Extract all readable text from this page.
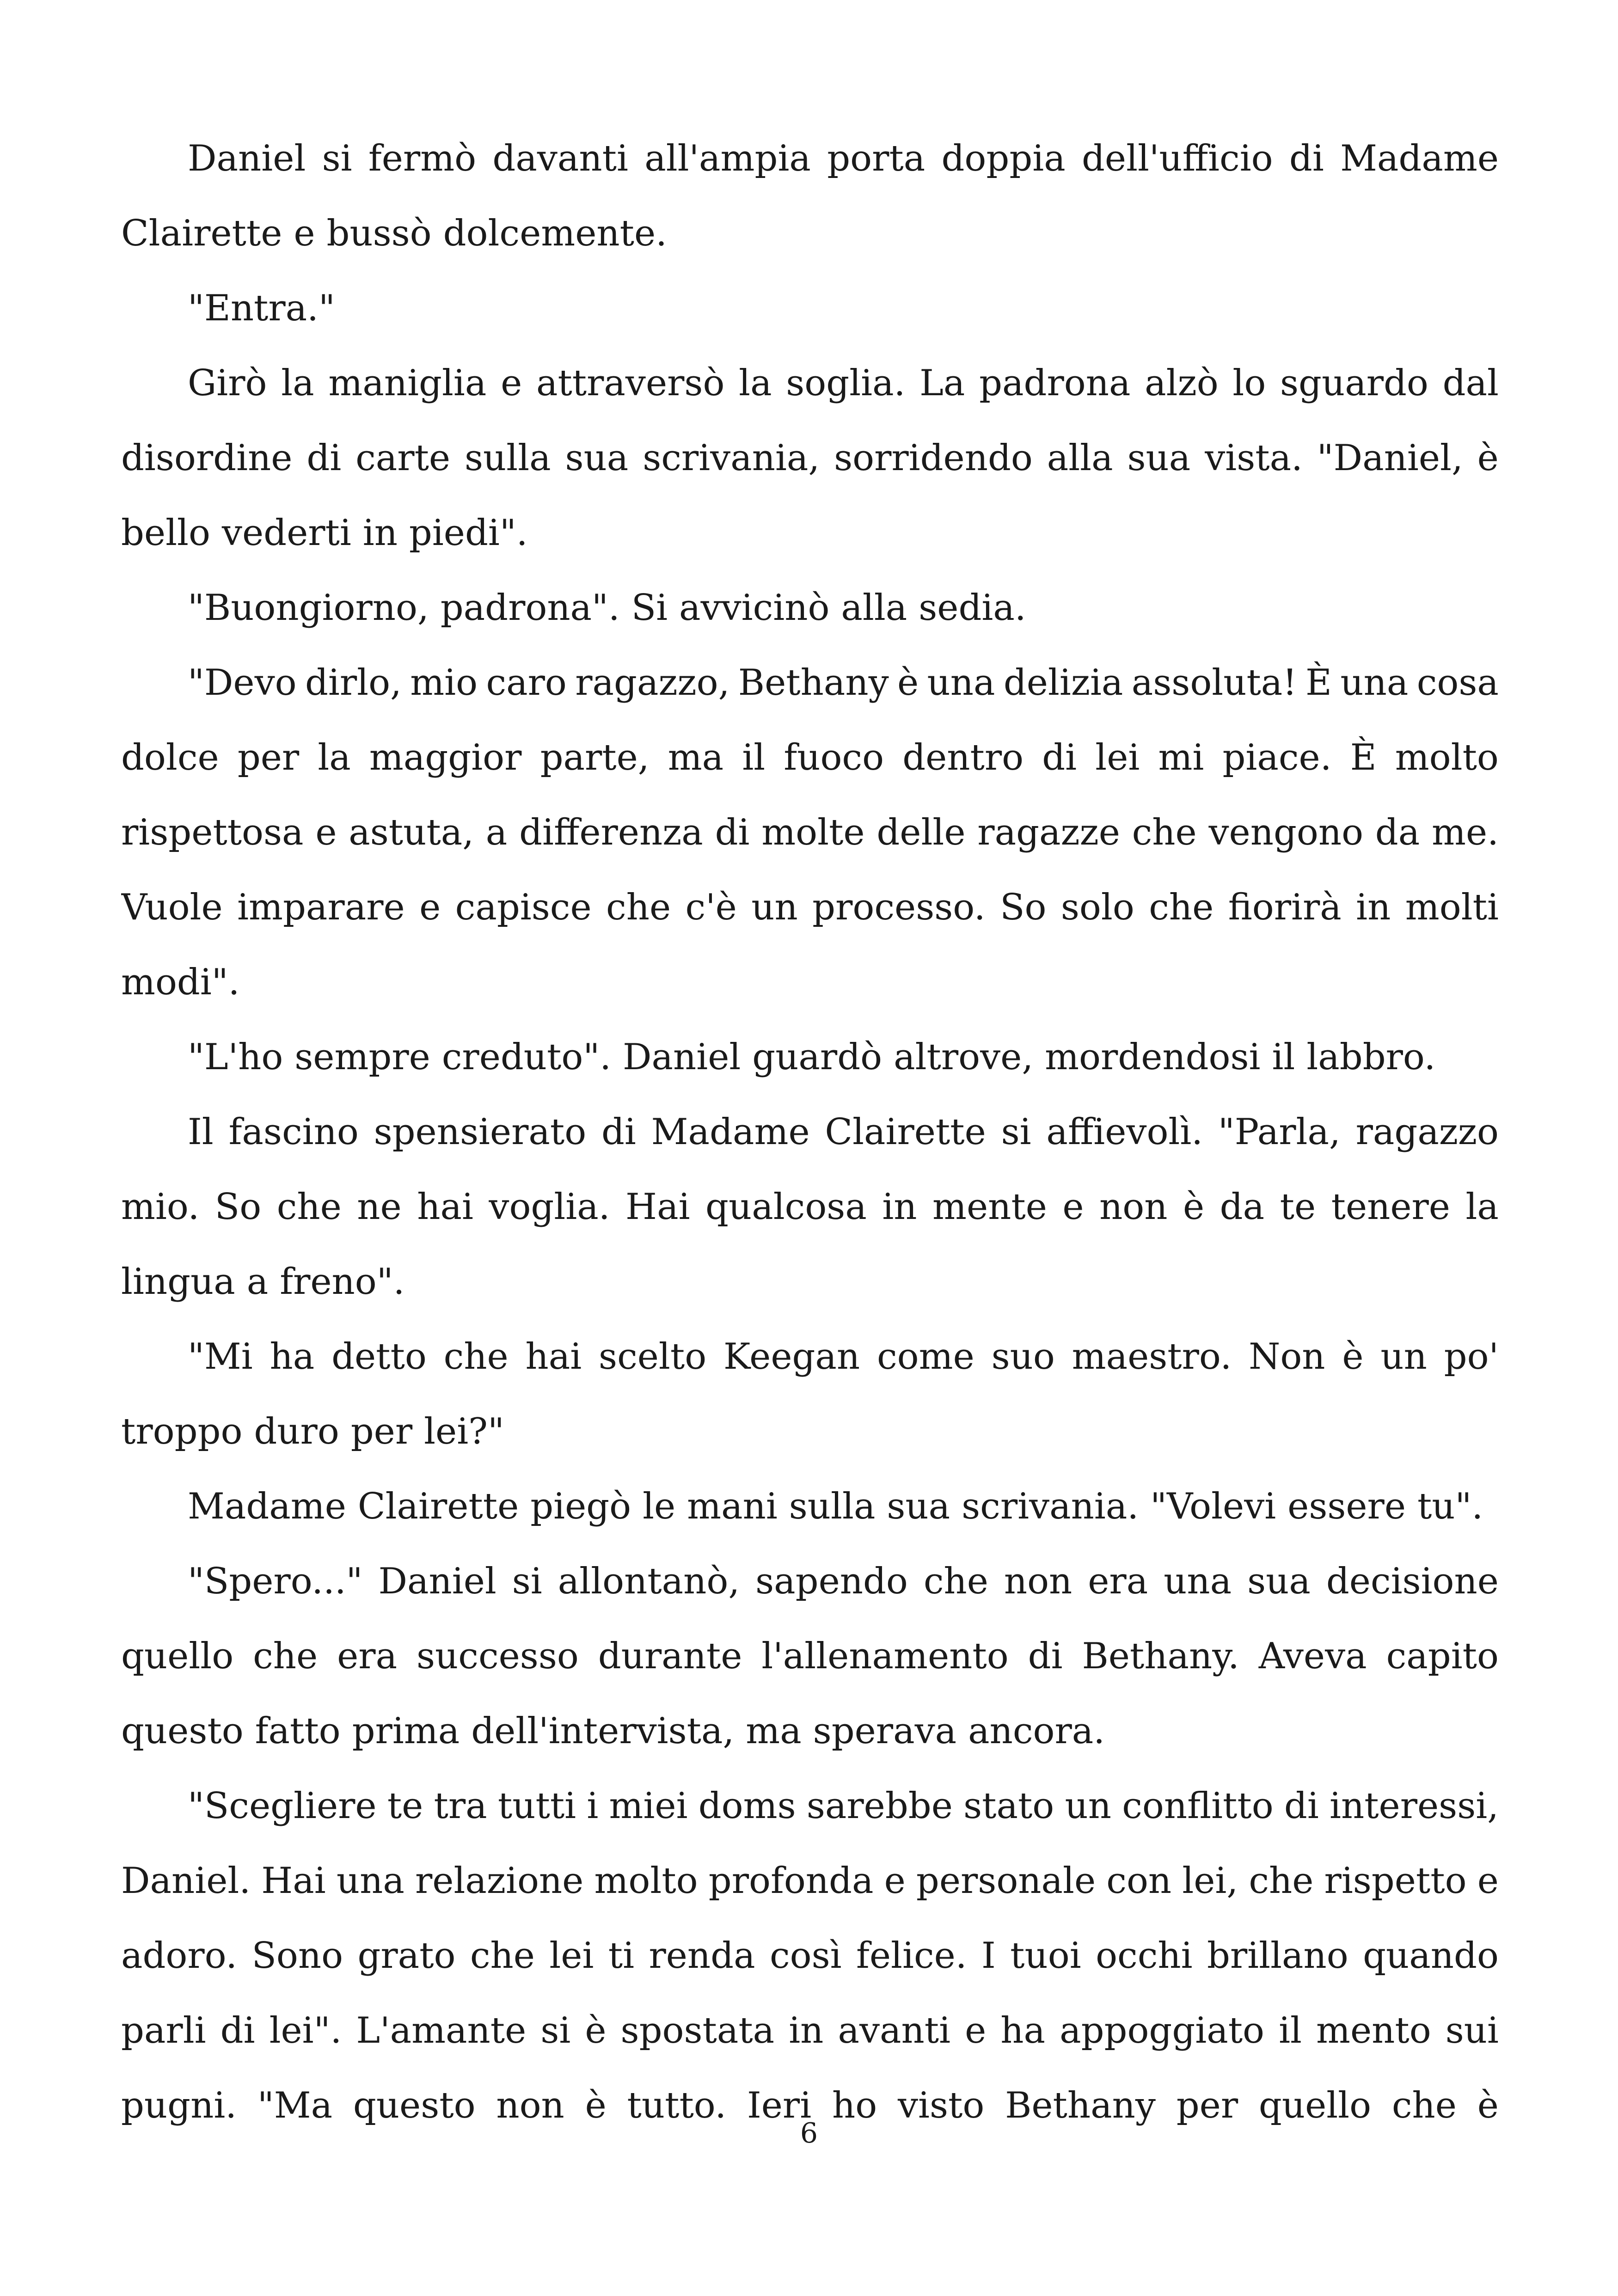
Daniel si fermò davanti all'ampia porta doppia dell'ufficio di Madame
Clairette e bussò dolcemente.
"Entra."
Girò la maniglia e attraversò la soglia. La padrona alzò lo sguardo dal
disordine di carte sulla sua scrivania, sorridendo alla sua vista. "Daniel, è
bello vederti in piedi".
"Buongiorno, padrona". Si avvicinò alla sedia.
"Devo dirlo, mio caro ragazzo, Bethany è una delizia assoluta! È una cosa
dolce per la maggior parte, ma il fuoco dentro di lei mi piace. È molto
rispettosa e astuta, a differenza di molte delle ragazze che vengono da me.
Vuole imparare e capisce che c'è un processo. So solo che fiorirà in molti
modi".
"L'ho sempre creduto". Daniel guardò altrove, mordendosi il labbro.
Il fascino spensierato di Madame Clairette si affievolì. "Parla, ragazzo
mio. So che ne hai voglia. Hai qualcosa in mente e non è da te tenere la
lingua a freno".
"Mi ha detto che hai scelto Keegan come suo maestro. Non è un po'
troppo duro per lei?"
Madame Clairette piegò le mani sulla sua scrivania. "Volevi essere tu".
"Spero..." Daniel si allontanò, sapendo che non era una sua decisione
quello che era successo durante l'allenamento di Bethany. Aveva capito
questo fatto prima dell'intervista, ma sperava ancora.
"Scegliere te tra tutti i miei doms sarebbe stato un conflitto di interessi,
Daniel. Hai una relazione molto profonda e personale con lei, che rispetto e
adoro. Sono grato che lei ti renda così felice. I tuoi occhi brillano quando
parli di lei". L'amante si è spostata in avanti e ha appoggiato il mento sui
pugni. "Ma questo non è tutto. Ieri ho visto Bethany per quello che è
6
